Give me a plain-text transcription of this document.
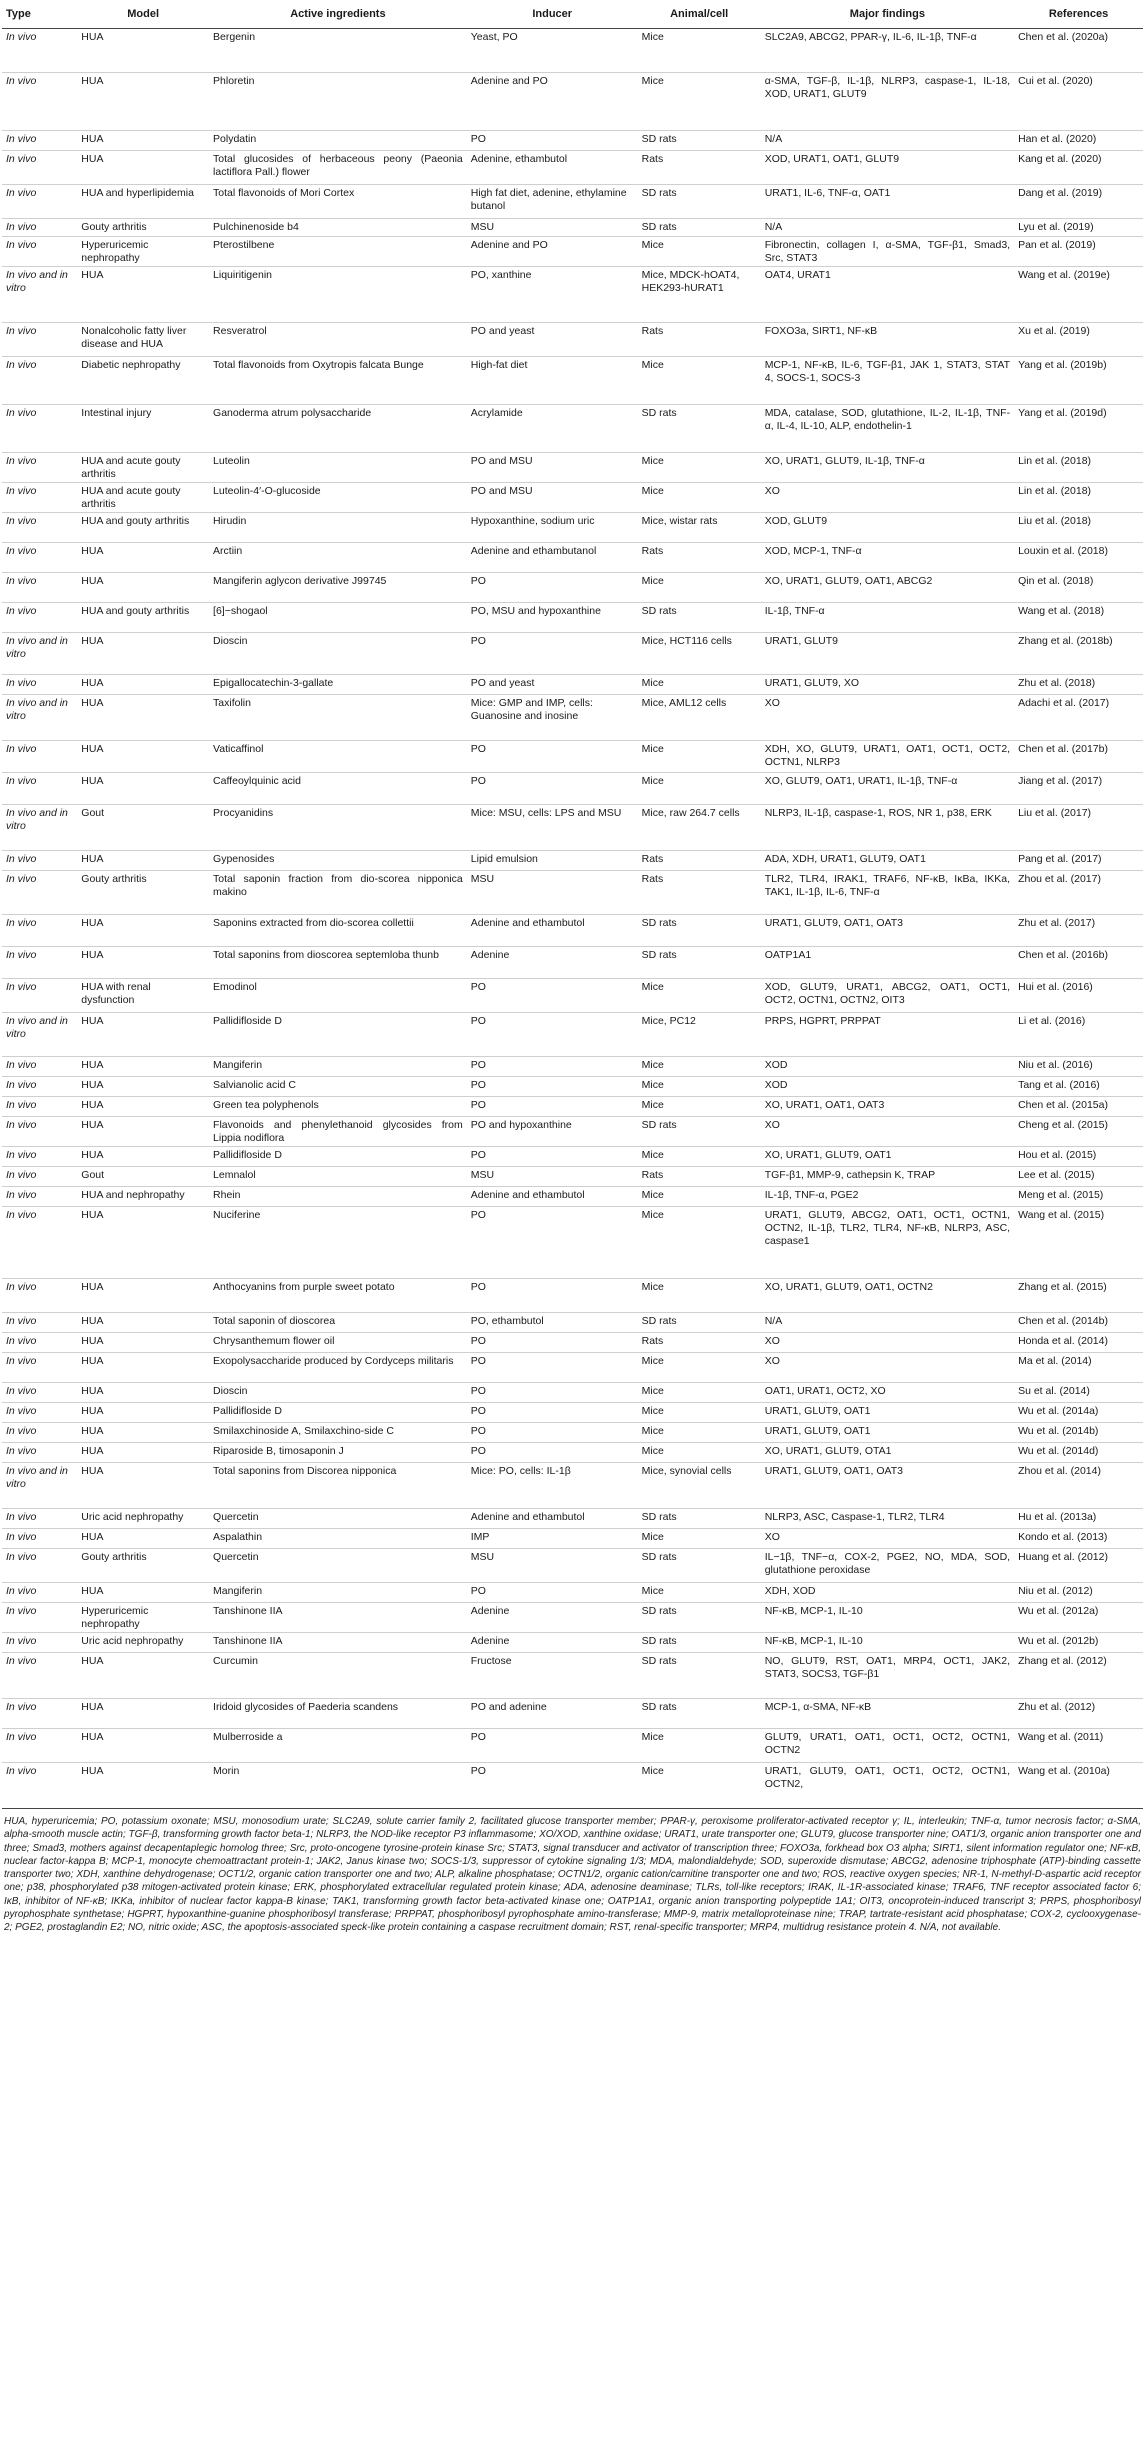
Type	Model	Active ingredients	Inducer	Animal/cell	Major findings	References
In vivo	HUA	Bergenin	Yeast, PO	Mice	SLC2A9, ABCG2, PPAR-γ, IL-6, IL-1β, TNF-α	Chen et al. (2020a)
In vivo	HUA	Phloretin	Adenine and PO	Mice	α-SMA, TGF-β, IL-1β, NLRP3, caspase-1, IL-18, XOD, URAT1, GLUT9	Cui et al. (2020)
In vivo	HUA	Polydatin	PO	SD rats	N/A	Han et al. (2020)
In vivo	HUA	Total glucosides of herbaceous peony (Paeonia lactiflora Pall.) flower	Adenine, ethambutol	Rats	XOD, URAT1, OAT1, GLUT9	Kang et al. (2020)
In vivo	HUA and hyperlipidemia	Total flavonoids of Mori Cortex	High fat diet, adenine, ethylamine butanol	SD rats	URAT1, IL-6, TNF-α, OAT1	Dang et al. (2019)
In vivo	Gouty arthritis	Pulchinenoside b4	MSU	SD rats	N/A	Lyu et al. (2019)
In vivo	Hyperuricemic nephropathy	Pterostilbene	Adenine and PO	Mice	Fibronectin, collagen I, α-SMA, TGF-β1, Smad3, Src, STAT3	Pan et al. (2019)
In vivo and in vitro	HUA	Liquiritigenin	PO, xanthine	Mice, MDCK-hOAT4, HEK293-hURAT1	OAT4, URAT1	Wang et al. (2019e)
In vivo	Nonalcoholic fatty liver disease and HUA	Resveratrol	PO and yeast	Rats	FOXO3a, SIRT1, NF-κB	Xu et al. (2019)
In vivo	Diabetic nephropathy	Total flavonoids from Oxytropis falcata Bunge	High-fat diet	Mice	MCP-1, NF-κB, IL-6, TGF-β1, JAK 1, STAT3, STAT 4, SOCS-1, SOCS-3	Yang et al. (2019b)
In vivo	Intestinal injury	Ganoderma atrum polysaccharide	Acrylamide	SD rats	MDA, catalase, SOD, glutathione, IL-2, IL-1β, TNF-α, IL-4, IL-10, ALP, endothelin-1	Yang et al. (2019d)
In vivo	HUA and acute gouty arthritis	Luteolin	PO and MSU	Mice	XO, URAT1, GLUT9, IL-1β, TNF-α	Lin et al. (2018)
In vivo	HUA and acute gouty arthritis	Luteolin-4′-O-glucoside	PO and MSU	Mice	XO	Lin et al. (2018)
In vivo	HUA and gouty arthritis	Hirudin	Hypoxanthine, sodium uric	Mice, wistar rats	XOD, GLUT9	Liu et al. (2018)
In vivo	HUA	Arctiin	Adenine and ethambutanol	Rats	XOD, MCP-1, TNF-α	Louxin et al. (2018)
In vivo	HUA	Mangiferin aglycon derivative J99745	PO	Mice	XO, URAT1, GLUT9, OAT1, ABCG2	Qin et al. (2018)
In vivo	HUA and gouty arthritis	[6]−shogaol	PO, MSU and hypoxanthine	SD rats	IL-1β, TNF-α	Wang et al. (2018)
In vivo and in vitro	HUA	Dioscin	PO	Mice, HCT116 cells	URAT1, GLUT9	Zhang et al. (2018b)
In vivo	HUA	Epigallocatechin-3-gallate	PO and yeast	Mice	URAT1, GLUT9, XO	Zhu et al. (2018)
In vivo and in vitro	HUA	Taxifolin	Mice: GMP and IMP, cells: Guanosine and inosine	Mice, AML12 cells	XO	Adachi et al. (2017)
In vivo	HUA	Vaticaffinol	PO	Mice	XDH, XO, GLUT9, URAT1, OAT1, OCT1, OCT2, OCTN1, NLRP3	Chen et al. (2017b)
In vivo	HUA	Caffeoylquinic acid	PO	Mice	XO, GLUT9, OAT1, URAT1, IL-1β, TNF-α	Jiang et al. (2017)
In vivo and in vitro	Gout	Procyanidins	Mice: MSU, cells: LPS and MSU	Mice, raw 264.7 cells	NLRP3, IL-1β, caspase-1, ROS, NR 1, p38, ERK	Liu et al. (2017)
In vivo	HUA	Gypenosides	Lipid emulsion	Rats	ADA, XDH, URAT1, GLUT9, OAT1	Pang et al. (2017)
In vivo	Gouty arthritis	Total saponin fraction from dio-scorea nipponica makino	MSU	Rats	TLR2, TLR4, IRAK1, TRAF6, NF-κB, IκBa, IKKa, TAK1, IL-1β, IL-6, TNF-α	Zhou et al. (2017)
In vivo	HUA	Saponins extracted from dio-scorea collettii	Adenine and ethambutol	SD rats	URAT1, GLUT9, OAT1, OAT3	Zhu et al. (2017)
In vivo	HUA	Total saponins from dioscorea septemloba thunb	Adenine	SD rats	OATP1A1	Chen et al. (2016b)
In vivo	HUA with renal dysfunction	Emodinol	PO	Mice	XOD, GLUT9, URAT1, ABCG2, OAT1, OCT1, OCT2, OCTN1, OCTN2, OIT3	Hui et al. (2016)
In vivo and in vitro	HUA	Pallidifloside D	PO	Mice, PC12	PRPS, HGPRT, PRPPAT	Li et al. (2016)
In vivo	HUA	Mangiferin	PO	Mice	XOD	Niu et al. (2016)
In vivo	HUA	Salvianolic acid C	PO	Mice	XOD	Tang et al. (2016)
In vivo	HUA	Green tea polyphenols	PO	Mice	XO, URAT1, OAT1, OAT3	Chen et al. (2015a)
In vivo	HUA	Flavonoids and phenylethanoid glycosides from Lippia nodiflora	PO and hypoxanthine	SD rats	XO	Cheng et al. (2015)
In vivo	HUA	Pallidifloside D	PO	Mice	XO, URAT1, GLUT9, OAT1	Hou et al. (2015)
In vivo	Gout	Lemnalol	MSU	Rats	TGF-β1, MMP-9, cathepsin K, TRAP	Lee et al. (2015)
In vivo	HUA and nephropathy	Rhein	Adenine and ethambutol	Mice	IL-1β, TNF-α, PGE2	Meng et al. (2015)
In vivo	HUA	Nuciferine	PO	Mice	URAT1, GLUT9, ABCG2, OAT1, OCT1, OCTN1, OCTN2, IL-1β, TLR2, TLR4, NF-κB, NLRP3, ASC, caspase1	Wang et al. (2015)
In vivo	HUA	Anthocyanins from purple sweet potato	PO	Mice	XO, URAT1, GLUT9, OAT1, OCTN2	Zhang et al. (2015)
In vivo	HUA	Total saponin of dioscorea	PO, ethambutol	SD rats	N/A	Chen et al. (2014b)
In vivo	HUA	Chrysanthemum flower oil	PO	Rats	XO	Honda et al. (2014)
In vivo	HUA	Exopolysaccharide produced by Cordyceps militaris	PO	Mice	XO	Ma et al. (2014)
In vivo	HUA	Dioscin	PO	Mice	OAT1, URAT1, OCT2, XO	Su et al. (2014)
In vivo	HUA	Pallidifloside D	PO	Mice	URAT1, GLUT9, OAT1	Wu et al. (2014a)
In vivo	HUA	Smilaxchinoside A, Smilaxchino-side C	PO	Mice	URAT1, GLUT9, OAT1	Wu et al. (2014b)
In vivo	HUA	Riparoside B, timosaponin J	PO	Mice	XO, URAT1, GLUT9, OTA1	Wu et al. (2014d)
In vivo and in vitro	HUA	Total saponins from Discorea nipponica	Mice: PO, cells: IL-1β	Mice, synovial cells	URAT1, GLUT9, OAT1, OAT3	Zhou et al. (2014)
In vivo	Uric acid nephropathy	Quercetin	Adenine and ethambutol	SD rats	NLRP3, ASC, Caspase-1, TLR2, TLR4	Hu et al. (2013a)
In vivo	HUA	Aspalathin	IMP	Mice	XO	Kondo et al. (2013)
In vivo	Gouty arthritis	Quercetin	MSU	SD rats	IL−1β, TNF−α, COX-2, PGE2, NO, MDA, SOD, glutathione peroxidase	Huang et al. (2012)
In vivo	HUA	Mangiferin	PO	Mice	XDH, XOD	Niu et al. (2012)
In vivo	Hyperuricemic nephropathy	Tanshinone IIA	Adenine	SD rats	NF-κB, MCP-1, IL-10	Wu et al. (2012a)
In vivo	Uric acid nephropathy	Tanshinone IIA	Adenine	SD rats	NF-κB, MCP-1, IL-10	Wu et al. (2012b)
In vivo	HUA	Curcumin	Fructose	SD rats	NO, GLUT9, RST, OAT1, MRP4, OCT1, JAK2, STAT3, SOCS3, TGF-β1	Zhang et al. (2012)
In vivo	HUA	Iridoid glycosides of Paederia scandens	PO and adenine	SD rats	MCP-1, α-SMA, NF-κB	Zhu et al. (2012)
In vivo	HUA	Mulberroside a	PO	Mice	GLUT9, URAT1, OAT1, OCT1, OCT2, OCTN1, OCTN2	Wang et al. (2011)
In vivo	HUA	Morin	PO	Mice	URAT1, GLUT9, OAT1, OCT1, OCT2, OCTN1, OCTN2,	Wang et al. (2010a)

HUA, hyperuricemia; PO, potassium oxonate; MSU, monosodium urate; SLC2A9, solute carrier family 2, facilitated glucose transporter member; PPAR-γ, peroxisome proliferator-activated receptor γ; IL, interleukin; TNF-α, tumor necrosis factor; α-SMA, alpha-smooth muscle actin; TGF-β, transforming growth factor beta-1; NLRP3, the NOD-like receptor P3 inflammasome; XO/XOD, xanthine oxidase; URAT1, urate transporter one; GLUT9, glucose transporter nine; OAT1/3, organic anion transporter one and three; Smad3, mothers against decapentaplegic homolog three; Src, proto-oncogene tyrosine-protein kinase Src; STAT3, signal transducer and activator of transcription three; FOXO3a, forkhead box O3 alpha; SIRT1, silent information regulator one; NF-κB, nuclear factor-kappa B; MCP-1, monocyte chemoattractant protein-1; JAK2, Janus kinase two; SOCS-1/3, suppressor of cytokine signaling 1/3; MDA, malondialdehyde; SOD, superoxide dismutase; ABCG2, adenosine triphosphate (ATP)-binding cassette transporter two; XDH, xanthine dehydrogenase; OCT1/2, organic cation transporter one and two; ALP, alkaline phosphatase; OCTN1/2, organic cation/carnitine transporter one and two; ROS, reactive oxygen species; NR-1, N-methyl-D-aspartic acid receptor one; p38, phosphorylated p38 mitogen-activated protein kinase; ERK, phosphorylated extracellular regulated protein kinase; ADA, adenosine deaminase; TLRs, toll-like receptors; IRAK, IL-1R-associated kinase; TRAF6, TNF receptor associated factor 6; IκB, inhibitor of NF-κB; IKKa, inhibitor of nuclear factor kappa-B kinase; TAK1, transforming growth factor beta-activated kinase one; OATP1A1, organic anion transporting polypeptide 1A1; OIT3, oncoprotein-induced transcript 3; PRPS, phosphoribosyl pyrophosphate synthetase; HGPRT, hypoxanthine-guanine phosphoribosyl transferase; PRPPAT, phosphoribosyl pyrophosphate amino-transferase; MMP-9, matrix metalloproteinase nine; TRAP, tartrate-resistant acid phosphatase; COX-2, cyclooxygenase-2; PGE2, prostaglandin E2; NO, nitric oxide; ASC, the apoptosis-associated speck-like protein containing a caspase recruitment domain; RST, renal-specific transporter; MRP4, multidrug resistance protein 4. N/A, not available.
